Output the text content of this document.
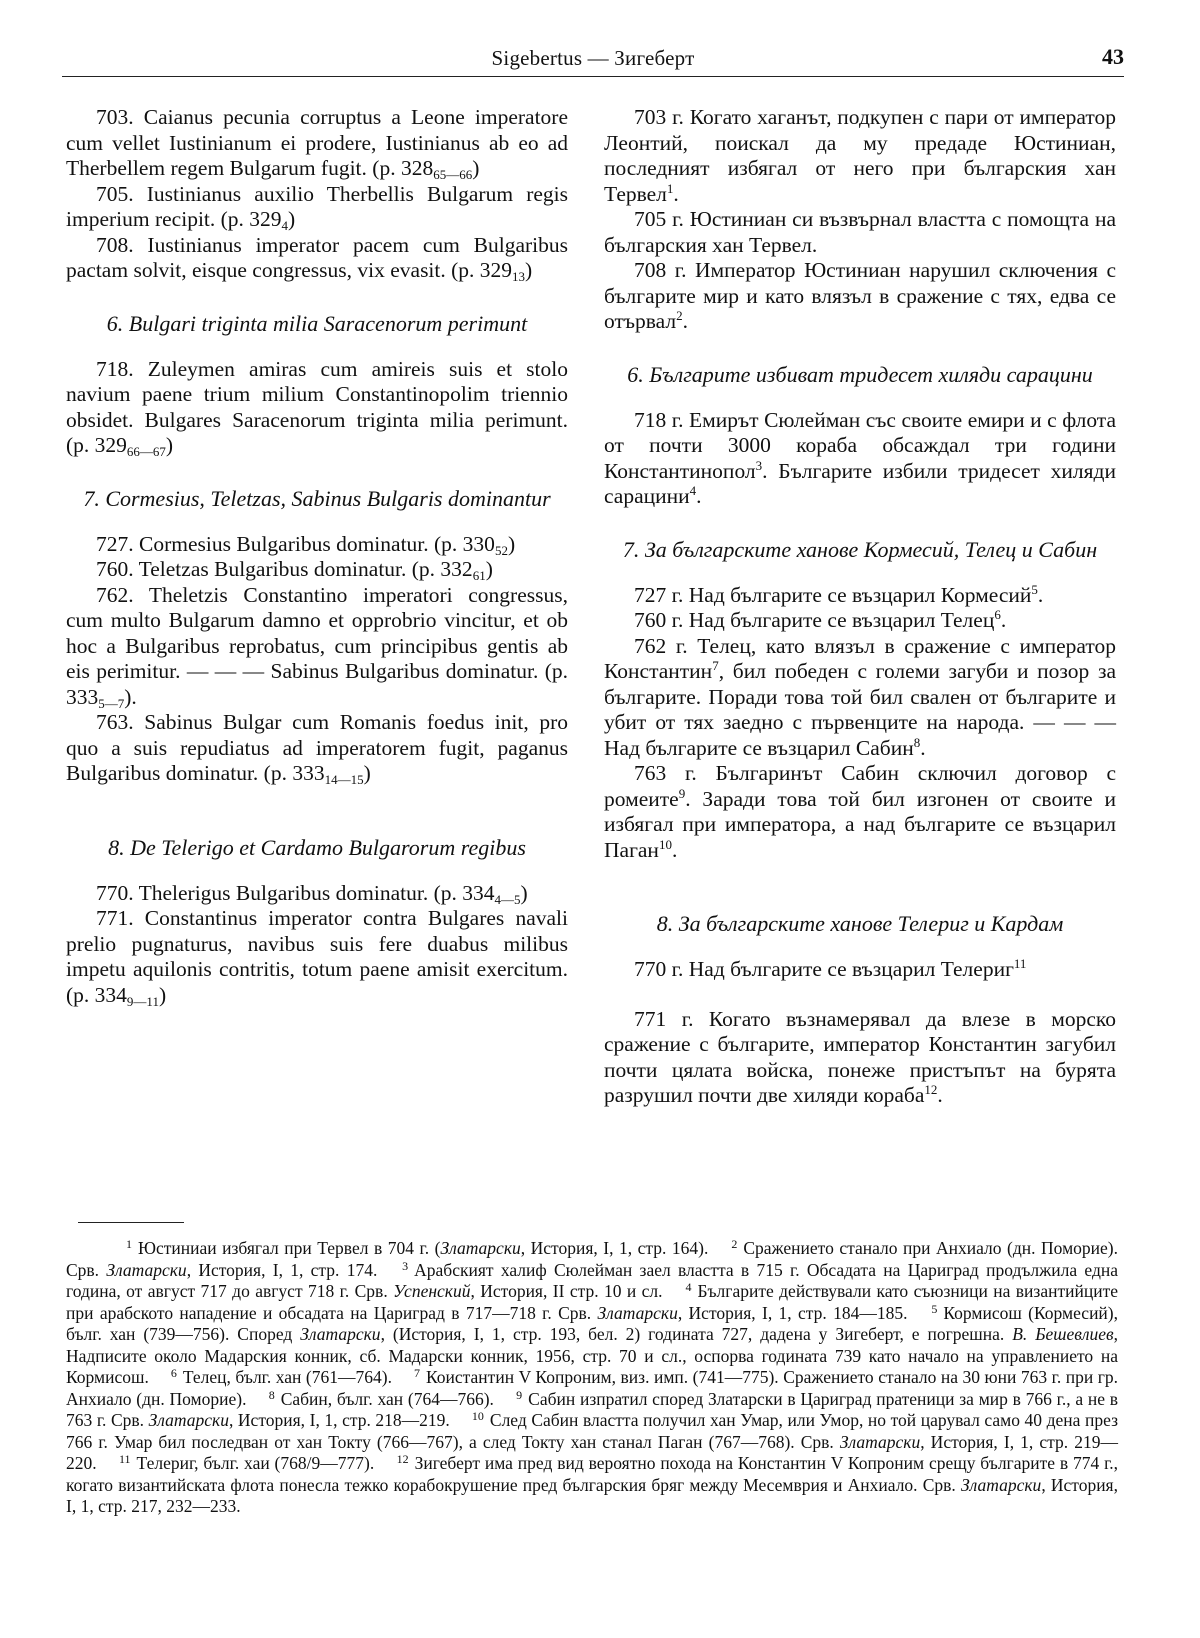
Sigebertus — Зигеберт	43

703. Caianus pecunia corruptus a Leone imperatore cum vellet Iustinianum ei prodere, Iustinianus ab eo ad Therbellem regem Bulgarum fugit. (p. $328_{65—66}$)

705. Iustinianus auxilio Therbellis Bulgarum regis imperium recipit. (p. $329_4$)

708. Iustinianus imperator pacem cum Bulgaribus pactam solvit, eisque congressus, vix evasit. (p. $329_{13}$)

6. Bulgari triginta milia Saracenorum perimunt

718. Zuleymen amiras cum amireis suis et stolo navium paene trium milium Constantinopolim triennio obsidet. Bulgares Saracenorum triginta milia perimunt. (p. $329_{66—67}$)

7. Cormesius, Teletzas, Sabinus Bulgaris dominantur

727. Cormesius Bulgaribus dominatur. (p. $330_{52}$)

760. Teletzas Bulgaribus dominatur. (p. $332_{61}$)

762. Theletzis Constantino imperatori congressus, cum multo Bulgarum damno et opprobrio vincitur, et ob hoc a Bulgaribus reprobatus, cum principibus gentis ab eis perimitur. — — — Sabinus Bulgaribus dominatur. (p. $333_{5—7}$).

763. Sabinus Bulgar cum Romanis foedus init, pro quo a suis repudiatus ad imperatorem fugit, paganus Bulgaribus dominatur. (p. $333_{14—15}$)

8. De Telerigo et Cardamo Bulgarorum regibus

770. Thelerigus Bulgaribus dominatur. (p. $334_{4—5}$)

771. Constantinus imperator contra Bulgares navali prelio pugnaturus, navibus suis fere duabus milibus impetu aquilonis contritis, totum paene amisit exercitum. (p. $334_{9—11}$)

703 г. Когато хаганът, подкупен с пари от император Леонтий, поискал да му предаде Юстиниан, последният избягал от него при българския хан Тервел$^1$.

705 г. Юстиниан си възвърнал властта с помощта на българския хан Тервел.

708 г. Император Юстиниан нарушил сключения с българите мир и като влязъл в сражение с тях, едва се отървал$^2$.

6. Българите избиват тридесет хиляди сарацини

718 г. Емирът Сюлейман със своите емири и с флота от почти 3000 кораба обсаждал три години Константинопол$^3$. Българите избили тридесет хиляди сарацини$^4$.

7. За българските ханове Кормесий, Телец и Сабин

727 г. Над българите се възцарил Кормесий$^5$.

760 г. Над българите се възцарил Телец$^6$.

762 г. Телец, като влязъл в сражение с император Константин$^7$, бил победен с големи загуби и позор за българите. Поради това той бил свален от българите и убит от тях заедно с първенците на народа. — — — Над българите се възцарил Сабин$^8$.

763 г. Българинът Сабин сключил договор с ромеите$^9$. Заради това той бил изгонен от своите и избягал при императора, а над българите се възцарил Паган$^{10}$.

8. За българските ханове Телериг и Кардам

770 г. Над българите се възцарил Телериг$^{11}$

771 г. Когато възнамерявал да влезе в морско сражение с българите, император Константин загубил почти цялата войска, понеже пристъпът на бурята разрушил почти две хиляди кораба$^{12}$.

$^1$ Юстиниаи избягал при Тервел в 704 г. (Златарски, История, I, 1, стр. 164).  $^2$ Сражението станало при Анхиало (дн. Поморие). Срв. Златарски, История, I, 1, стр. 174.  $^3$ Арабският халиф Сюлейман заел властта в 715 г. Обсадата на Цариград продължила една година, от август 717 до август 718 г. Срв. Успенский, История, II стр. 10 и сл.  $^4$ Българите действували като съюзници на византийците при арабското нападение и обсадата на Цариград в 717—718 г. Срв. Златарски, История, I, 1, стр. 184—185.  $^5$ Кормисош (Кормесий), бълг. хан (739—756). Според Златарски, (История, I, 1, стр. 193, бел. 2) годината 727, дадена у Зигеберт, е погрешна. В. Бешевлиев, Надписите около Мадарския конник, сб. Мадарски конник, 1956, стр. 70 и сл., оспорва годината 739 като начало на управлението на Кормисош.  $^6$ Телец, бълг. хан (761—764).  $^7$ Коистантин V Копроним, виз. имп. (741—775). Сражението станало на 30 юни 763 г. при гр. Анхиало (дн. Поморие).  $^8$ Сабин, бълг. хан (764—766).  $^9$ Сабин изпратил според Златарски в Цариград пратеници за мир в 766 г., а не в 763 г. Срв. Златарски, История, I, 1, стр. 218—219.  $^{10}$ След Сабин властта получил хан Умар, или Умор, но той царувал само 40 дена през 766 г. Умар бил последван от хан Токту (766—767), а след Токту хан станал Паган (767—768). Срв. Златарски, История, I, 1, стр. 219—220.  $^{11}$ Телериг, бълг. хаи (768/9—777).  $^{12}$ Зигеберт има пред вид вероятно похода на Константин V Копроним срещу българите в 774 г., когато византийската флота понесла тежко корабокрушение пред българския бряг между Месемврия и Анхиало. Срв. Златарски, История, I, 1, стр. 217, 232—233.
